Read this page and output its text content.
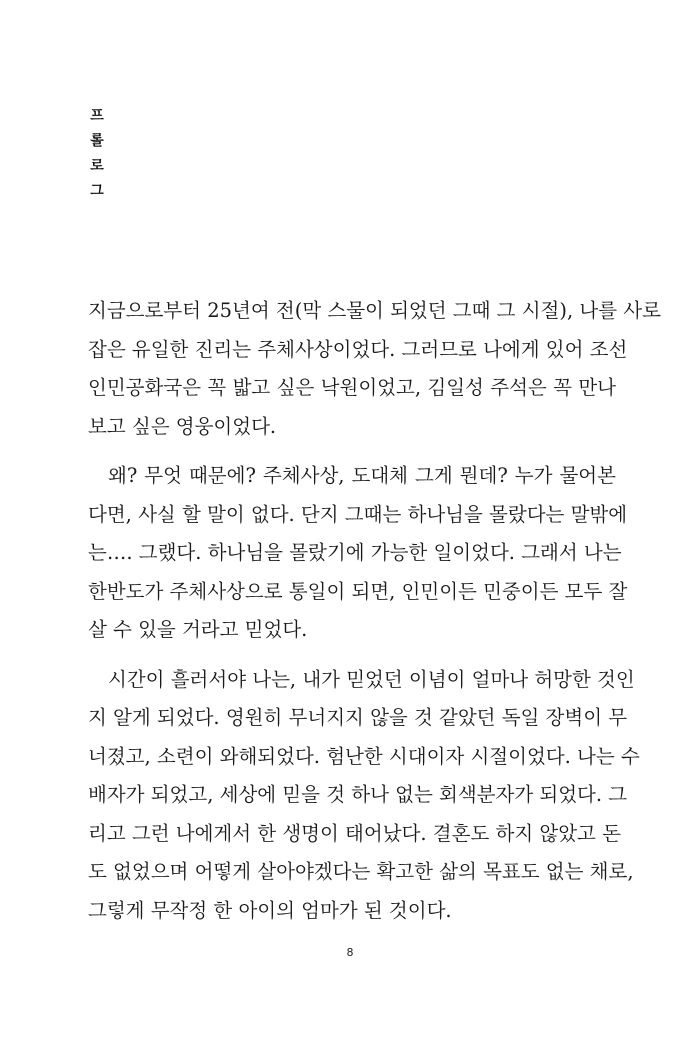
프
롤
로
그

지금으로부터 25년여 전(막 스물이 되었던 그때 그 시절), 나를 사로
잡은 유일한 진리는 주체사상이었다. 그러므로 나에게 있어 조선
인민공화국은 꼭 밟고 싶은 낙원이었고, 김일성 주석은 꼭 만나
보고 싶은 영웅이었다.

왜? 무엇 때문에? 주체사상, 도대체 그게 뭔데? 누가 물어본
다면, 사실 할 말이 없다. 단지 그때는 하나님을 몰랐다는 말밖에
는…. 그랬다. 하나님을 몰랐기에 가능한 일이었다. 그래서 나는
한반도가 주체사상으로 통일이 되면, 인민이든 민중이든 모두 잘
살 수 있을 거라고 믿었다.

시간이 흘러서야 나는, 내가 믿었던 이념이 얼마나 허망한 것인
지 알게 되었다. 영원히 무너지지 않을 것 같았던 독일 장벽이 무
너졌고, 소련이 와해되었다. 험난한 시대이자 시절이었다. 나는 수
배자가 되었고, 세상에 믿을 것 하나 없는 회색분자가 되었다. 그
리고 그런 나에게서 한 생명이 태어났다. 결혼도 하지 않았고 돈
도 없었으며 어떻게 살아야겠다는 확고한 삶의 목표도 없는 채로,
그렇게 무작정 한 아이의 엄마가 된 것이다.

8
